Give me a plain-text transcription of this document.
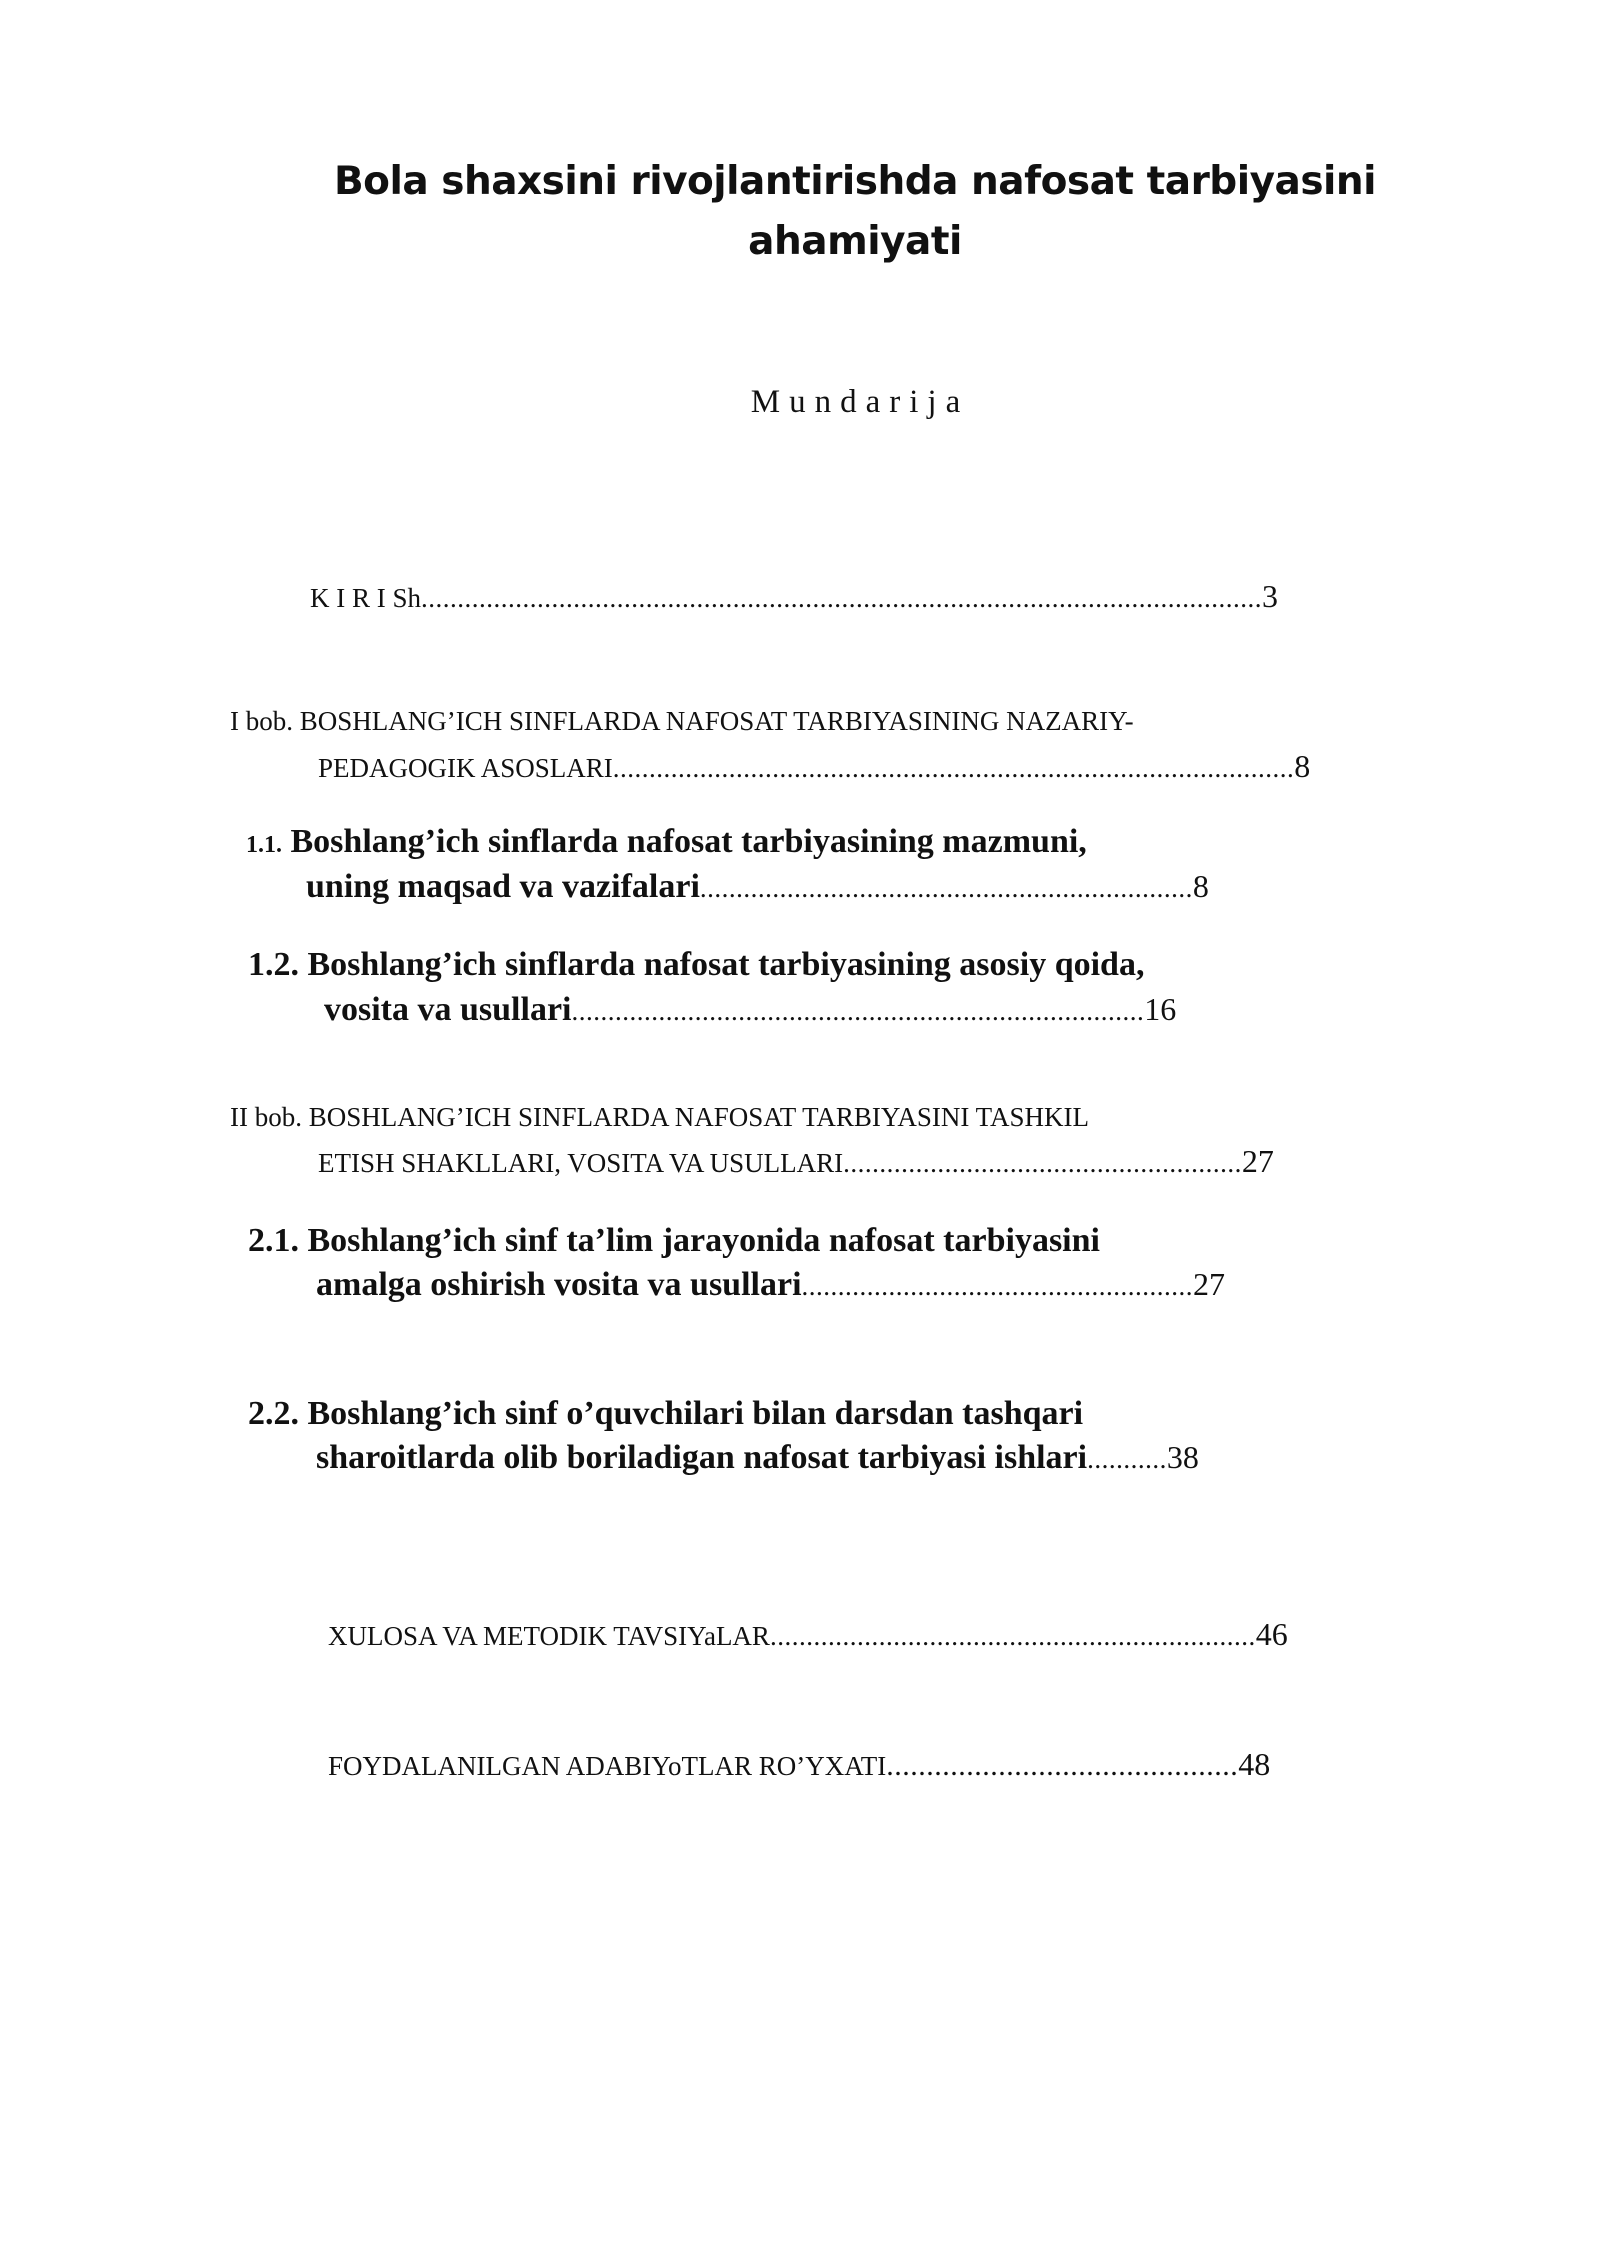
Bola shaxsini rivojlantirishda nafosat tarbiyasini
ahamiyati
Mundarija
K I R I Sh....................................................................................................................3
I bob. BOSHLANG’ICH SINFLARDA NAFOSAT TARBIYASINING NAZARIY-
PEDAGOGIK ASOSLARI..............................................................................................8
1.1. Boshlang’ich sinflarda nafosat tarbiyasining mazmuni,
uning maqsad va vazifalari....................................................................8
1.2. Boshlang’ich sinflarda nafosat tarbiyasining asosiy qoida,
vosita va usullari...............................................................................16
II bob. BOSHLANG’ICH SINFLARDA NAFOSAT TARBIYASINI TASHKIL
ETISH SHAKLLARI, VOSITA VA USULLARI.......................................................27
2.1. Boshlang’ich sinf ta’lim jarayonida nafosat tarbiyasini
amalga oshirish vosita va usullari......................................................27
2.2. Boshlang’ich sinf o’quvchilari bilan darsdan tashqari
sharoitlarda olib boriladigan nafosat tarbiyasi ishlari...........38
XULOSA VA METODIK TAVSIYaLAR...................................................................46
FOYDALANILGAN ADABIYoTLAR RO’YXATI............................................48
